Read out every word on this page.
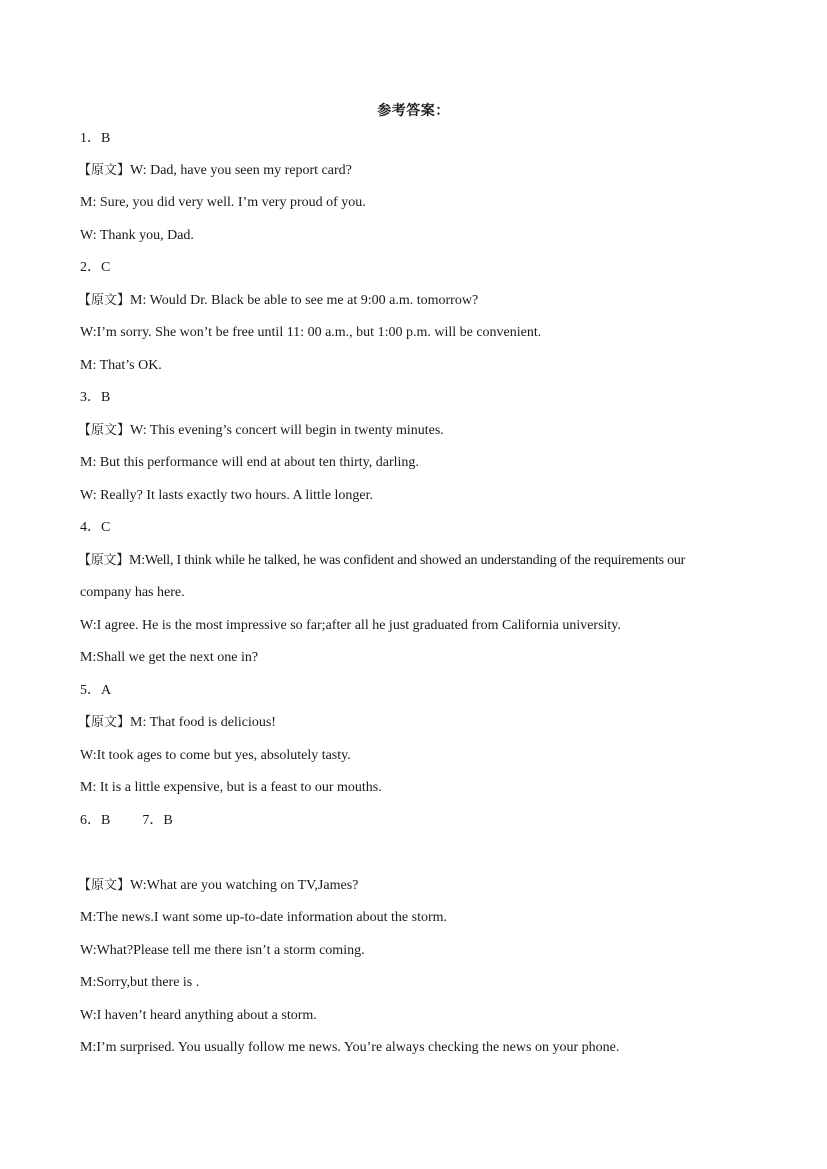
参考答案：
1．B
【原文】W: Dad, have you seen my report card?
M: Sure, you did very well. I’m very proud of you.
W: Thank you, Dad.
2．C
【原文】M: Would Dr. Black be able to see me at 9:00 a.m. tomorrow?
W:I’m sorry. She won’t be free until 11: 00 a.m., but 1:00 p.m. will be convenient.
M: That’s OK.
3．B
【原文】W: This evening’s concert will begin in twenty minutes.
M: But this performance will end at about ten thirty, darling.
W: Really? It lasts exactly two hours. A little longer.
4．C
【原文】M:Well, I think while he talked, he was confident and showed an understanding of the requirements our
company has here.
W:I agree. He is the most impressive so far;after all he just graduated from California university.
M:Shall we get the next one in?
5．A
【原文】M: That food is delicious!
W:It took ages to come but yes, absolutely tasty.
M: It is a little expensive, but is a feast to our mouths.
6．B 7．B
【原文】W:What are you watching on TV,James?
M:The news.I want some up-to-date information about the storm.
W:What?Please tell me there isn’t a storm coming.
M:Sorry,but there is .
W:I haven’t heard anything about a storm.
M:I’m surprised. You usually follow me news. You’re always checking the news on your phone.
